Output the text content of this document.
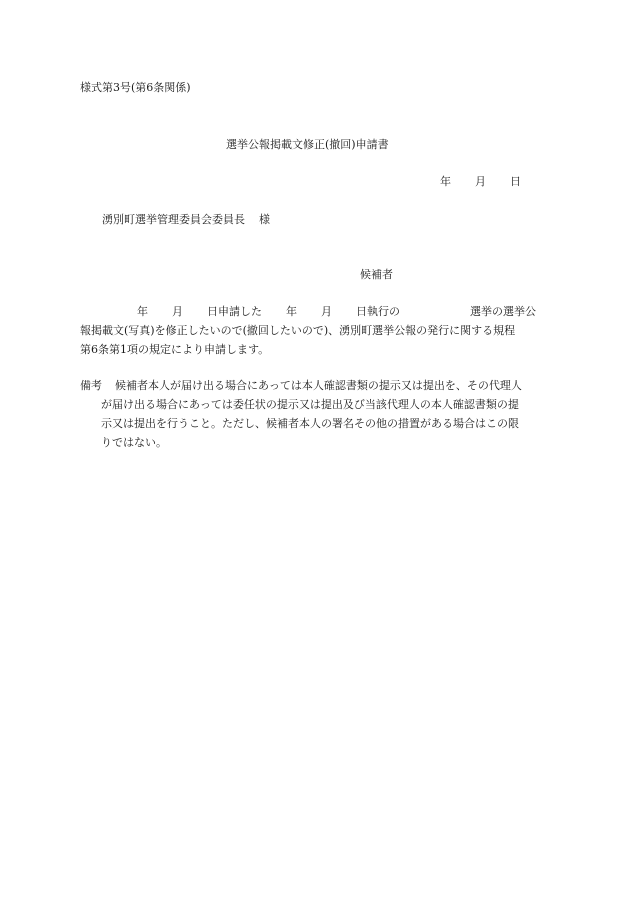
様式第3号(第6条関係)
選挙公報掲載文修正(撤回)申請書
年 月 日
湧別町選挙管理委員会委員長 様
候補者
年 月 日申請した 年 月 日執行の	選挙の選挙公
報掲載文(写真)を修正したいので(撤回したいので)、湧別町選挙公報の発行に関する規程
第6条第1項の規定により申請します。
備考 候補者本人が届け出る場合にあっては本人確認書類の提示又は提出を、その代理人
が届け出る場合にあっては委任状の提示又は提出及び当該代理人の本人確認書類の提
示又は提出を行うこと。ただし、候補者本人の署名その他の措置がある場合はこの限
りではない。
